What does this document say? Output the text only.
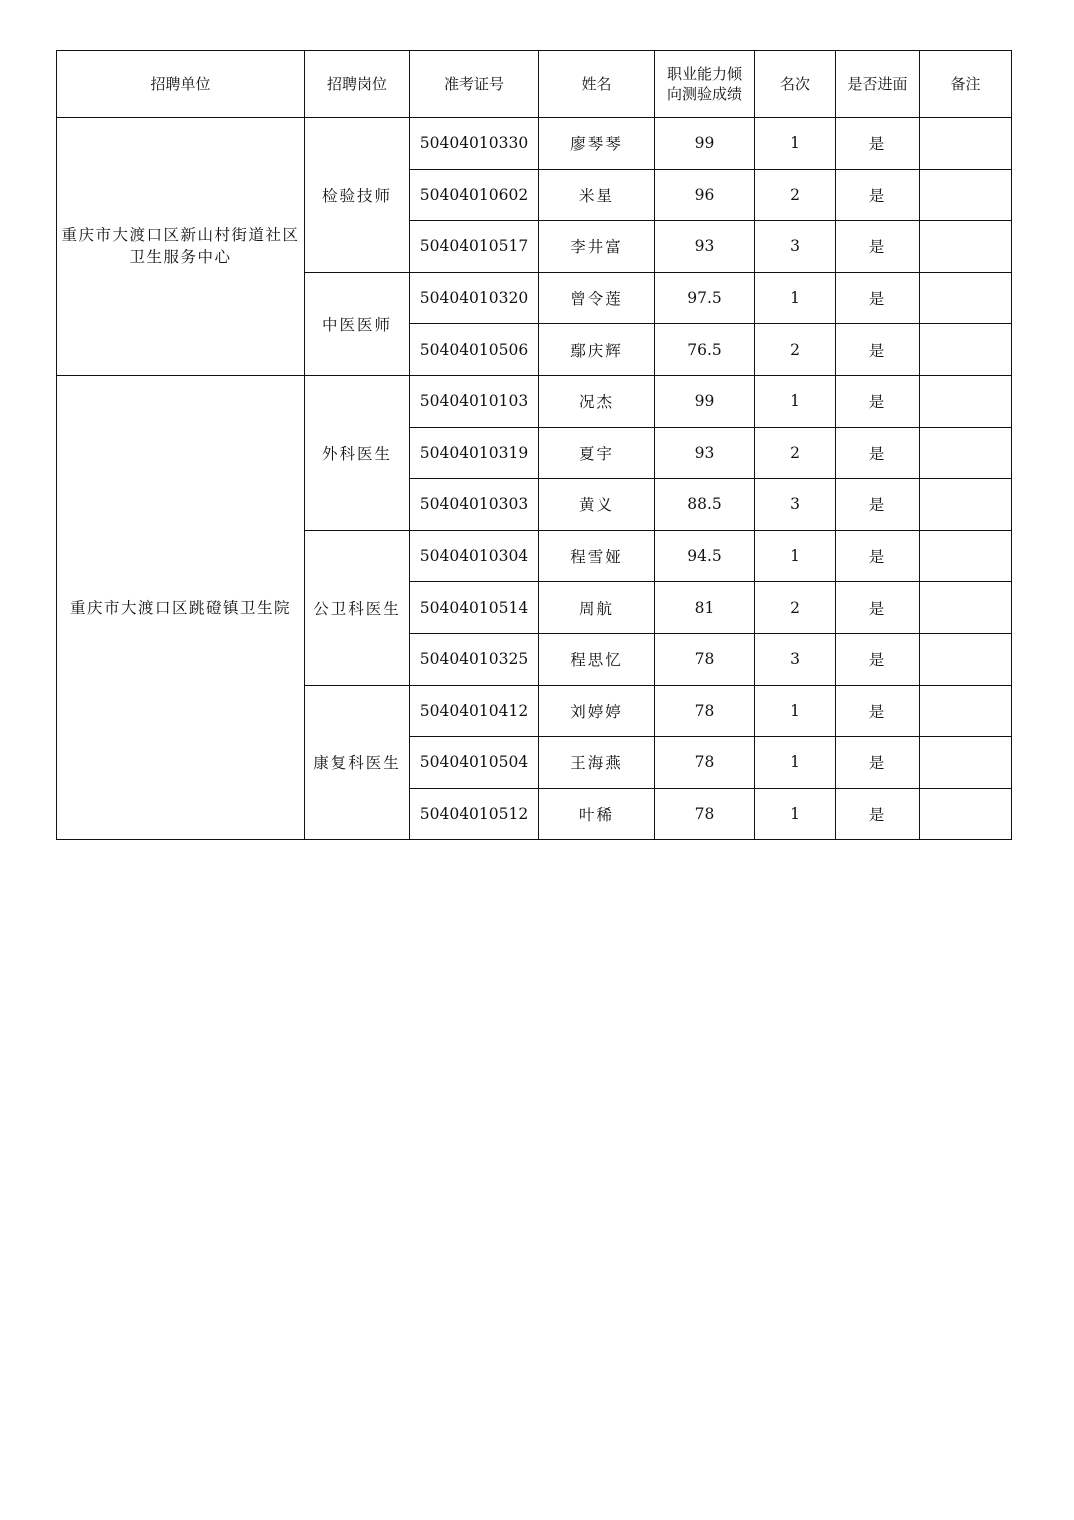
招聘单位	招聘岗位	准考证号	姓名	职业能力倾向测验成绩	名次	是否进面	备注
重庆市大渡口区新山村街道社区卫生服务中心	检验技师	50404010330	廖琴琴	99	1	是	
		50404010602	米星	96	2	是	
		50404010517	李井富	93	3	是	
	中医医师	50404010320	曾令莲	97.5	1	是	
		50404010506	鄢庆辉	76.5	2	是	
重庆市大渡口区跳磴镇卫生院	外科医生	50404010103	况杰	99	1	是	
		50404010319	夏宇	93	2	是	
		50404010303	黄义	88.5	3	是	
	公卫科医生	50404010304	程雪娅	94.5	1	是	
		50404010514	周航	81	2	是	
		50404010325	程思忆	78	3	是	
	康复科医生	50404010412	刘婷婷	78	1	是	
		50404010504	王海燕	78	1	是	
		50404010512	叶稀	78	1	是	
